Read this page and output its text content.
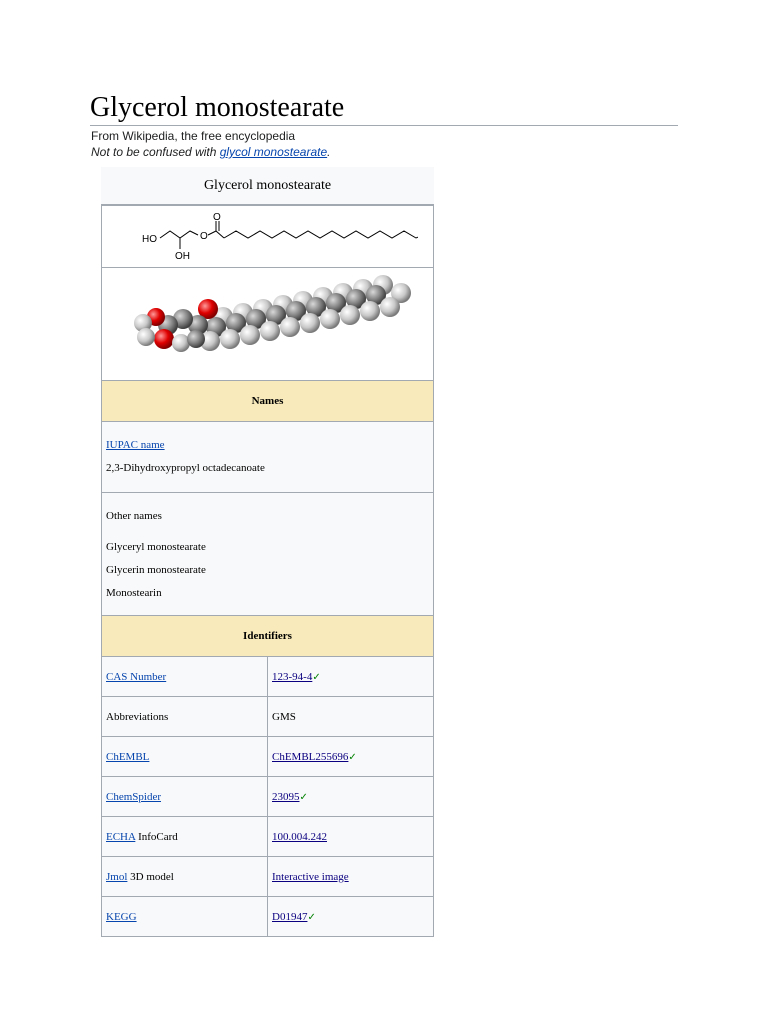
Glycerol monostearate
From Wikipedia, the free encyclopedia
Not to be confused with glycol monostearate.
Glycerol monostearate
O
O
HO
OH	

Names	

IUPAC name

2,3-Dihydroxypropyl octadecanoate	

Other names

Glyceryl monostearate

Glycerin monostearate

Monostearin	

Identifiers	
CAS Number	123-94-4✓
Abbreviations	GMS
ChEMBL	ChEMBL255696✓
ChemSpider	23095✓
ECHA InfoCard	100.004.242
Jmol 3D model	Interactive image
KEGG	D01947✓
